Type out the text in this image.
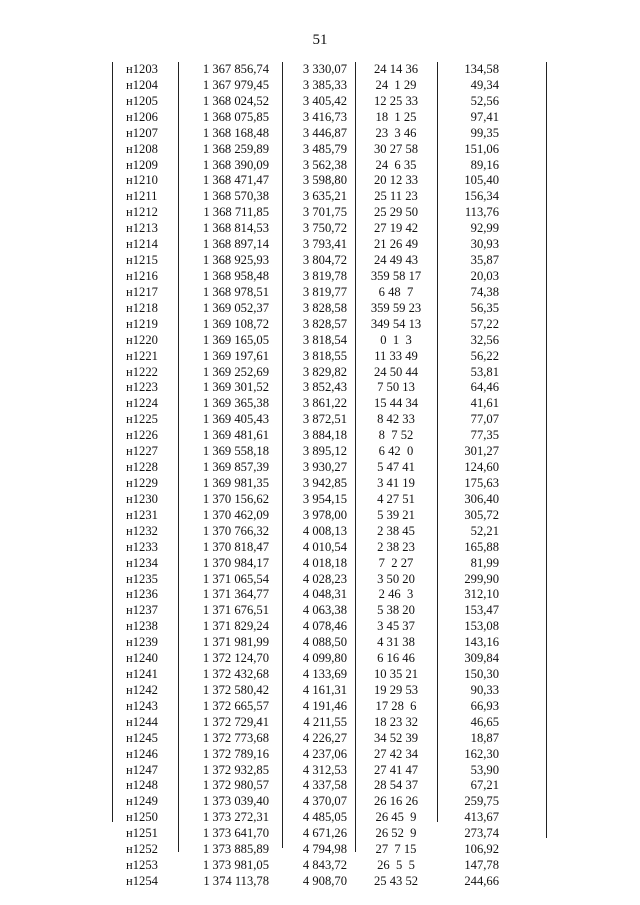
51
н1203	1 367 856,74	3 330,07	24 14 36	134,58
н1204	1 367 979,45	3 385,33	24  1 29	49,34
н1205	1 368 024,52	3 405,42	12 25 33	52,56
н1206	1 368 075,85	3 416,73	18  1 25	97,41
н1207	1 368 168,48	3 446,87	23  3 46	99,35
н1208	1 368 259,89	3 485,79	30 27 58	151,06
н1209	1 368 390,09	3 562,38	24  6 35	89,16
н1210	1 368 471,47	3 598,80	20 12 33	105,40
н1211	1 368 570,38	3 635,21	25 11 23	156,34
н1212	1 368 711,85	3 701,75	25 29 50	113,76
н1213	1 368 814,53	3 750,72	27 19 42	92,99
н1214	1 368 897,14	3 793,41	21 26 49	30,93
н1215	1 368 925,93	3 804,72	24 49 43	35,87
н1216	1 368 958,48	3 819,78	359 58 17	20,03
н1217	1 368 978,51	3 819,77	6 48  7	74,38
н1218	1 369 052,37	3 828,58	359 59 23	56,35
н1219	1 369 108,72	3 828,57	349 54 13	57,22
н1220	1 369 165,05	3 818,54	0  1  3	32,56
н1221	1 369 197,61	3 818,55	11 33 49	56,22
н1222	1 369 252,69	3 829,82	24 50 44	53,81
н1223	1 369 301,52	3 852,43	7 50 13	64,46
н1224	1 369 365,38	3 861,22	15 44 34	41,61
н1225	1 369 405,43	3 872,51	8 42 33	77,07
н1226	1 369 481,61	3 884,18	8  7 52	77,35
н1227	1 369 558,18	3 895,12	6 42  0	301,27
н1228	1 369 857,39	3 930,27	5 47 41	124,60
н1229	1 369 981,35	3 942,85	3 41 19	175,63
н1230	1 370 156,62	3 954,15	4 27 51	306,40
н1231	1 370 462,09	3 978,00	5 39 21	305,72
н1232	1 370 766,32	4 008,13	2 38 45	52,21
н1233	1 370 818,47	4 010,54	2 38 23	165,88
н1234	1 370 984,17	4 018,18	7  2 27	81,99
н1235	1 371 065,54	4 028,23	3 50 20	299,90
н1236	1 371 364,77	4 048,31	2 46  3	312,10
н1237	1 371 676,51	4 063,38	5 38 20	153,47
н1238	1 371 829,24	4 078,46	3 45 37	153,08
н1239	1 371 981,99	4 088,50	4 31 38	143,16
н1240	1 372 124,70	4 099,80	6 16 46	309,84
н1241	1 372 432,68	4 133,69	10 35 21	150,30
н1242	1 372 580,42	4 161,31	19 29 53	90,33
н1243	1 372 665,57	4 191,46	17 28  6	66,93
н1244	1 372 729,41	4 211,55	18 23 32	46,65
н1245	1 372 773,68	4 226,27	34 52 39	18,87
н1246	1 372 789,16	4 237,06	27 42 34	162,30
н1247	1 372 932,85	4 312,53	27 41 47	53,90
н1248	1 372 980,57	4 337,58	28 54 37	67,21
н1249	1 373 039,40	4 370,07	26 16 26	259,75
н1250	1 373 272,31	4 485,05	26 45  9	413,67
н1251	1 373 641,70	4 671,26	26 52  9	273,74
н1252	1 373 885,89	4 794,98	27  7 15	106,92
н1253	1 373 981,05	4 843,72	26  5  5	147,78
н1254	1 374 113,78	4 908,70	25 43 52	244,66
